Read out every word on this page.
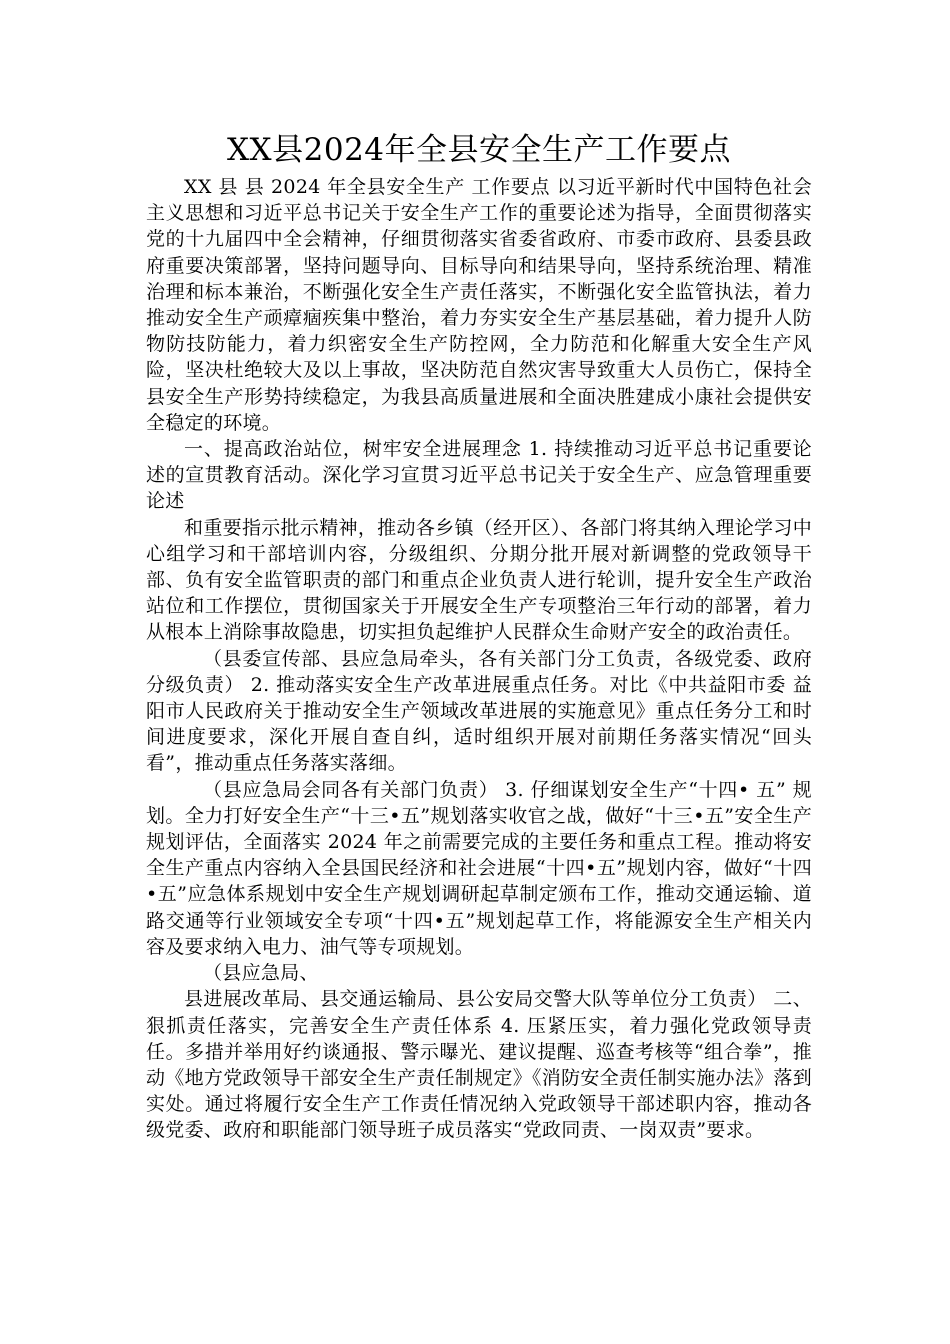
XX县2024年全县安全生产工作要点

XX 县 县 2024 年全县安全生产 工作要点 以习近平新时代中国特色社会主义思想和习近平总书记关于安全生产工作的重要论述为指导，全面贯彻落实党的十九届四中全会精神，仔细贯彻落实省委省政府、市委市政府、县委县政府重要决策部署，坚持问题导向、目标导向和结果导向，坚持系统治理、精准治理和标本兼治，不断强化安全生产责任落实，不断强化安全监管执法，着力推动安全生产顽瘴痼疾集中整治，着力夯实安全生产基层基础，着力提升人防物防技防能力，着力织密安全生产防控网，全力防范和化解重大安全生产风险，坚决杜绝较大及以上事故，坚决防范自然灾害导致重大人员伤亡，保持全县安全生产形势持续稳定，为我县高质量进展和全面决胜建成小康社会提供安全稳定的环境。

一、提高政治站位，树牢安全进展理念 1. 持续推动习近平总书记重要论述的宣贯教育活动。深化学习宣贯习近平总书记关于安全生产、应急管理重要论述

和重要指示批示精神，推动各乡镇（经开区）、各部门将其纳入理论学习中心组学习和干部培训内容，分级组织、分期分批开展对新调整的党政领导干部、负有安全监管职责的部门和重点企业负责人进行轮训，提升安全生产政治站位和工作摆位，贯彻国家关于开展安全生产专项整治三年行动的部署，着力从根本上消除事故隐患，切实担负起维护人民群众生命财产安全的政治责任。

（县委宣传部、县应急局牵头，各有关部门分工负责，各级党委、政府分级负责） 2. 推动落实安全生产改革进展重点任务。对比《中共益阳市委 益阳市人民政府关于推动安全生产领域改革进展的实施意见》重点任务分工和时间进度要求，深化开展自查自纠，适时组织开展对前期任务落实情况“回头看”，推动重点任务落实落细。

（县应急局会同各有关部门负责） 3. 仔细谋划安全生产“十四• 五” 规划。全力打好安全生产“十三•五”规划落实收官之战，做好“十三•五”安全生产规划评估，全面落实 2024 年之前需要完成的主要任务和重点工程。推动将安全生产重点内容纳入全县国民经济和社会进展“十四•五”规划内容，做好“十四•五”应急体系规划中安全生产规划调研起草制定颁布工作，推动交通运输、道路交通等行业领域安全专项“十四•五”规划起草工作，将能源安全生产相关内容及要求纳入电力、油气等专项规划。

（县应急局、

县进展改革局、县交通运输局、县公安局交警大队等单位分工负责） 二、狠抓责任落实，完善安全生产责任体系 4. 压紧压实，着力强化党政领导责任。多措并举用好约谈通报、警示曝光、建议提醒、巡查考核等“组合拳”，推动《地方党政领导干部安全生产责任制规定》《消防安全责任制实施办法》落到实处。通过将履行安全生产工作责任情况纳入党政领导干部述职内容，推动各级党委、政府和职能部门领导班子成员落实“党政同责、一岗双责”要求。
